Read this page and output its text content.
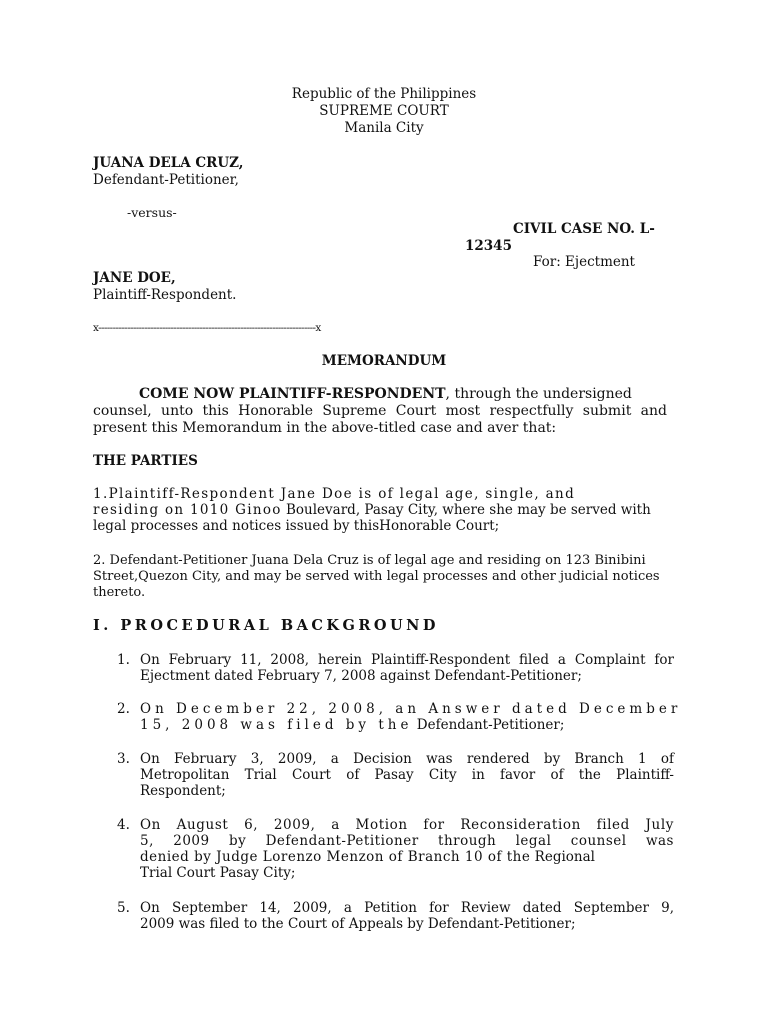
Republic of the Philippines
SUPREME COURT
Manila City
JUANA DELA CRUZ,
Defendant-Petitioner,
-versus-
CIVIL CASE NO. L-
12345
For: Ejectment
JANE DOE,
Plaintiff-Respondent.
x---------------------------------------------------------------------------x
MEMORANDUM
COME NOW PLAINTIFF-RESPONDENT, through the undersigned
counsel, unto this Honorable Supreme Court most respectfully submit and
present this Memorandum in the above-titled case and aver that:
THE PARTIES
1.Plaintiff-Respondent Jane Doe is of legal age, single, and
residing on 1010 Ginoo Boulevard, Pasay City, where she may be served with
legal processes and notices issued by thisHonorable Court;
2. Defendant-Petitioner Juana Dela Cruz is of legal age and residing on 123 Binibini
Street,Quezon City, and may be served with legal processes and other judicial notices
thereto.
I. PROCEDURAL BACKGROUND
1. On February 11, 2008, herein Plaintiff-Respondent filed a Complaint for
Ejectment dated February 7, 2008 against Defendant-Petitioner;
2. On December 22, 2008, an Answer dated December
15, 2008 was filed by the Defendant-Petitioner;
3. On February 3, 2009, a Decision was rendered by Branch 1 of
Metropolitan Trial Court of Pasay City in favor of the Plaintiff-
Respondent;
4. On August 6, 2009, a Motion for Reconsideration filed July
5, 2009 by Defendant-Petitioner through legal counsel was
denied by Judge Lorenzo Menzon of Branch 10 of the Regional
Trial Court Pasay City;
5. On September 14, 2009, a Petition for Review dated September 9,
2009 was filed to the Court of Appeals by Defendant-Petitioner;
